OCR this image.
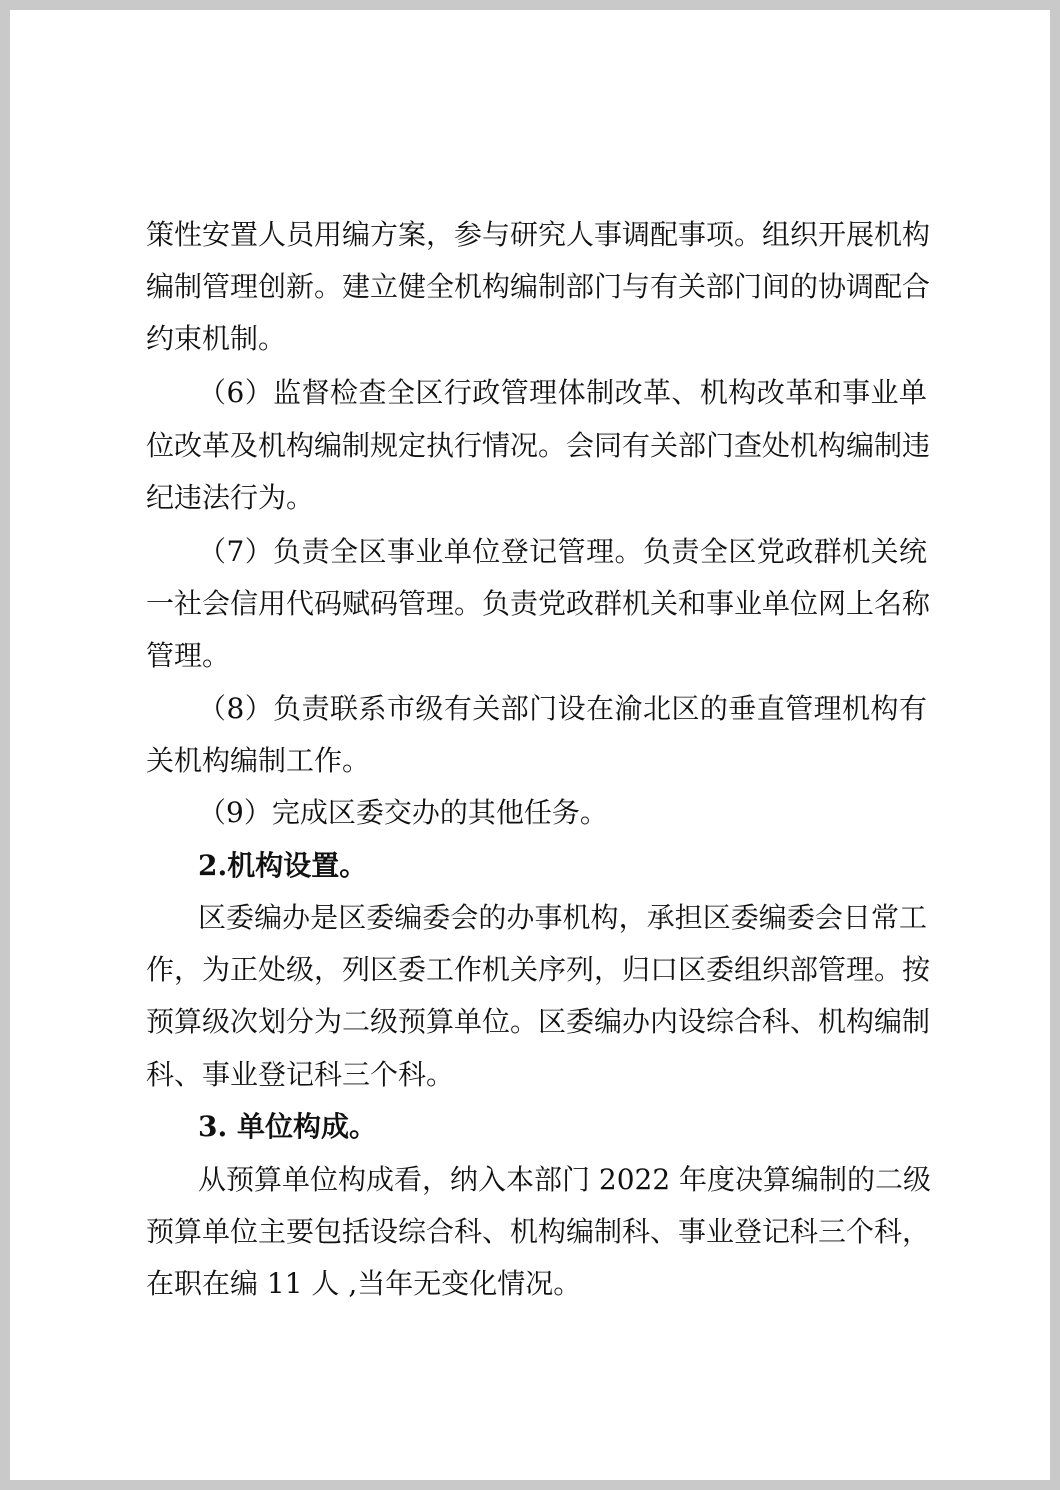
策性安置人员用编方案，参与研究人事调配事项。组织开展机构
编制管理创新。建立健全机构编制部门与有关部门间的协调配合
约束机制。
（6）监督检查全区行政管理体制改革、机构改革和事业单
位改革及机构编制规定执行情况。会同有关部门查处机构编制违
纪违法行为。
（7）负责全区事业单位登记管理。负责全区党政群机关统
一社会信用代码赋码管理。负责党政群机关和事业单位网上名称
管理。
（8）负责联系市级有关部门设在渝北区的垂直管理机构有
关机构编制工作。
（9）完成区委交办的其他任务。
2.机构设置。
区委编办是区委编委会的办事机构，承担区委编委会日常工
作，为正处级，列区委工作机关序列，归口区委组织部管理。按
预算级次划分为二级预算单位。区委编办内设综合科、机构编制
科、事业登记科三个科。
3. 单位构成。
从预算单位构成看，纳入本部门 2022 年度决算编制的二级
预算单位主要包括设综合科、机构编制科、事业登记科三个科，
在职在编 11 人 ,当年无变化情况。
